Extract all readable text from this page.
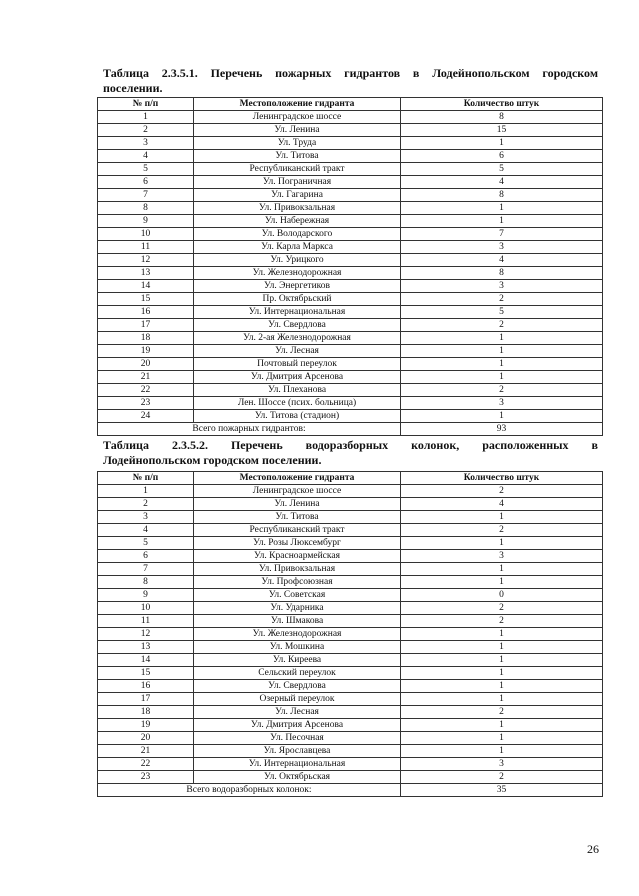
Таблица 2.3.5.1. Перечень пожарных гидрантов в Лодейнопольском городском
поселении.
№ п/п	Местоположение гидранта	Количество штук
1	Ленинградское шоссе	8
2	Ул. Ленина	15
3	Ул. Труда	1
4	Ул. Титова	6
5	Республиканский тракт	5
6	Ул. Пограничная	4
7	Ул. Гагарина	8
8	Ул. Привокзальная	1
9	Ул. Набережная	1
10	Ул. Володарского	7
11	Ул. Карла Маркса	3
12	Ул. Урицкого	4
13	Ул. Железнодорожная	8
14	Ул. Энергетиков	3
15	Пр. Октябрьский	2
16	Ул. Интернациональная	5
17	Ул. Свердлова	2
18	Ул. 2-ая Железнодорожная	1
19	Ул. Лесная	1
20	Почтовый переулок	1
21	Ул. Дмитрия Арсенова	1
22	Ул. Плеханова	2
23	Лен. Шоссе (псих. больница)	3
24	Ул. Титова (стадион)	1
Всего пожарных гидрантов:		93
Таблица 2.3.5.2. Перечень водоразборных колонок, расположенных в
Лодейнопольском городском поселении.
№ п/п	Местоположение гидранта	Количество штук
1	Ленинградское шоссе	2
2	Ул. Ленина	4
3	Ул. Титова	1
4	Республиканский тракт	2
5	Ул. Розы Люксембург	1
6	Ул. Красноармейская	3
7	Ул. Привокзальная	1
8	Ул. Профсоюзная	1
9	Ул. Советская	0
10	Ул. Ударника	2
11	Ул. Шмакова	2
12	Ул. Железнодорожная	1
13	Ул. Мошкина	1
14	Ул. Киреева	1
15	Сельский переулок	1
16	Ул. Свердлова	1
17	Озерный переулок	1
18	Ул. Лесная	2
19	Ул. Дмитрия Арсенова	1
20	Ул. Песочная	1
21	Ул. Ярославцева	1
22	Ул. Интернациональная	3
23	Ул. Октябрьская	2
Всего водоразборных колонок:		35
26
